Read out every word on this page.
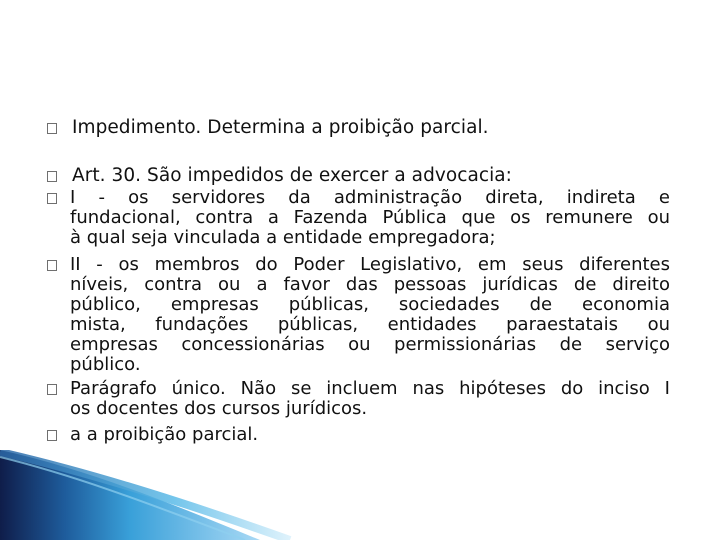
Impedimento. Determina a proibição parcial.
Art. 30. São impedidos de exercer a advocacia:
I - os servidores da administração direta, indireta e
fundacional, contra a Fazenda Pública que os remunere ou
à qual seja vinculada a entidade empregadora;
II - os membros do Poder Legislativo, em seus diferentes
níveis, contra ou a favor das pessoas jurídicas de direito
público, empresas públicas, sociedades de economia
mista, fundações públicas, entidades paraestatais ou
empresas concessionárias ou permissionárias de serviço
público.
Parágrafo único. Não se incluem nas hipóteses do inciso I
os docentes dos cursos jurídicos.
a a proibição parcial.
